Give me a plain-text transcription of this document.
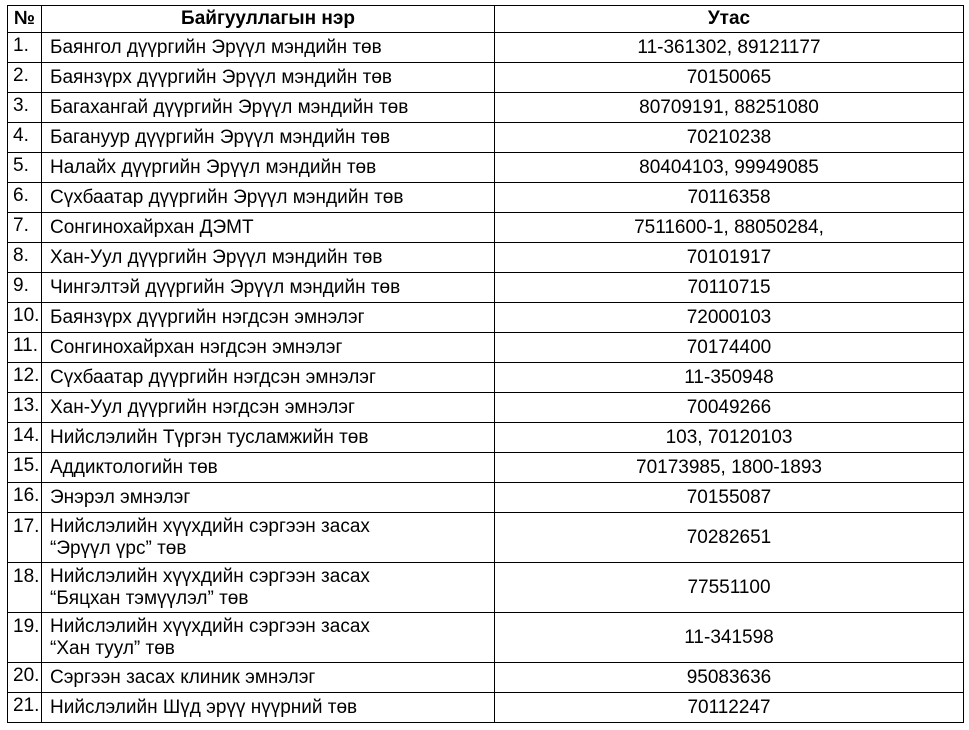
№	Байгууллагын нэр	Утас
1.	Баянгол дүүргийн Эрүүл мэндийн төв	11-361302, 89121177
2.	Баянзүрх дүүргийн Эрүүл мэндийн төв	70150065
3.	Багахангай дүүргийн Эрүүл мэндийн төв	80709191, 88251080
4.	Багануур дүүргийн Эрүүл мэндийн төв	70210238
5.	Налайх дүүргийн Эрүүл мэндийн төв	80404103, 99949085
6.	Сүхбаатар дүүргийн Эрүүл мэндийн төв	70116358
7.	Сонгинохайрхан ДЭМТ	7511600-1, 88050284,
8.	Хан-Уул дүүргийн Эрүүл мэндийн төв	70101917
9.	Чингэлтэй дүүргийн Эрүүл мэндийн төв	70110715
10.	Баянзүрх дүүргийн нэгдсэн эмнэлэг	72000103
11.	Сонгинохайрхан нэгдсэн эмнэлэг	70174400
12.	Сүхбаатар дүүргийн нэгдсэн эмнэлэг	11-350948
13.	Хан-Уул дүүргийн нэгдсэн эмнэлэг	70049266
14.	Нийслэлийн Түргэн тусламжийн төв	103, 70120103
15.	Аддиктологийн төв	70173985, 1800-1893
16.	Энэрэл эмнэлэг	70155087
17.	Нийслэлийн хүүхдийн сэргээн засах
“Эрүүл үрс” төв	70282651
18.	Нийслэлийн хүүхдийн сэргээн засах
“Бяцхан тэмүүлэл” төв	77551100
19.	Нийслэлийн хүүхдийн сэргээн засах
“Хан туул” төв	11-341598
20.	Сэргээн засах клиник эмнэлэг	95083636
21.	Нийслэлийн Шүд эрүү нүүрний төв	70112247
